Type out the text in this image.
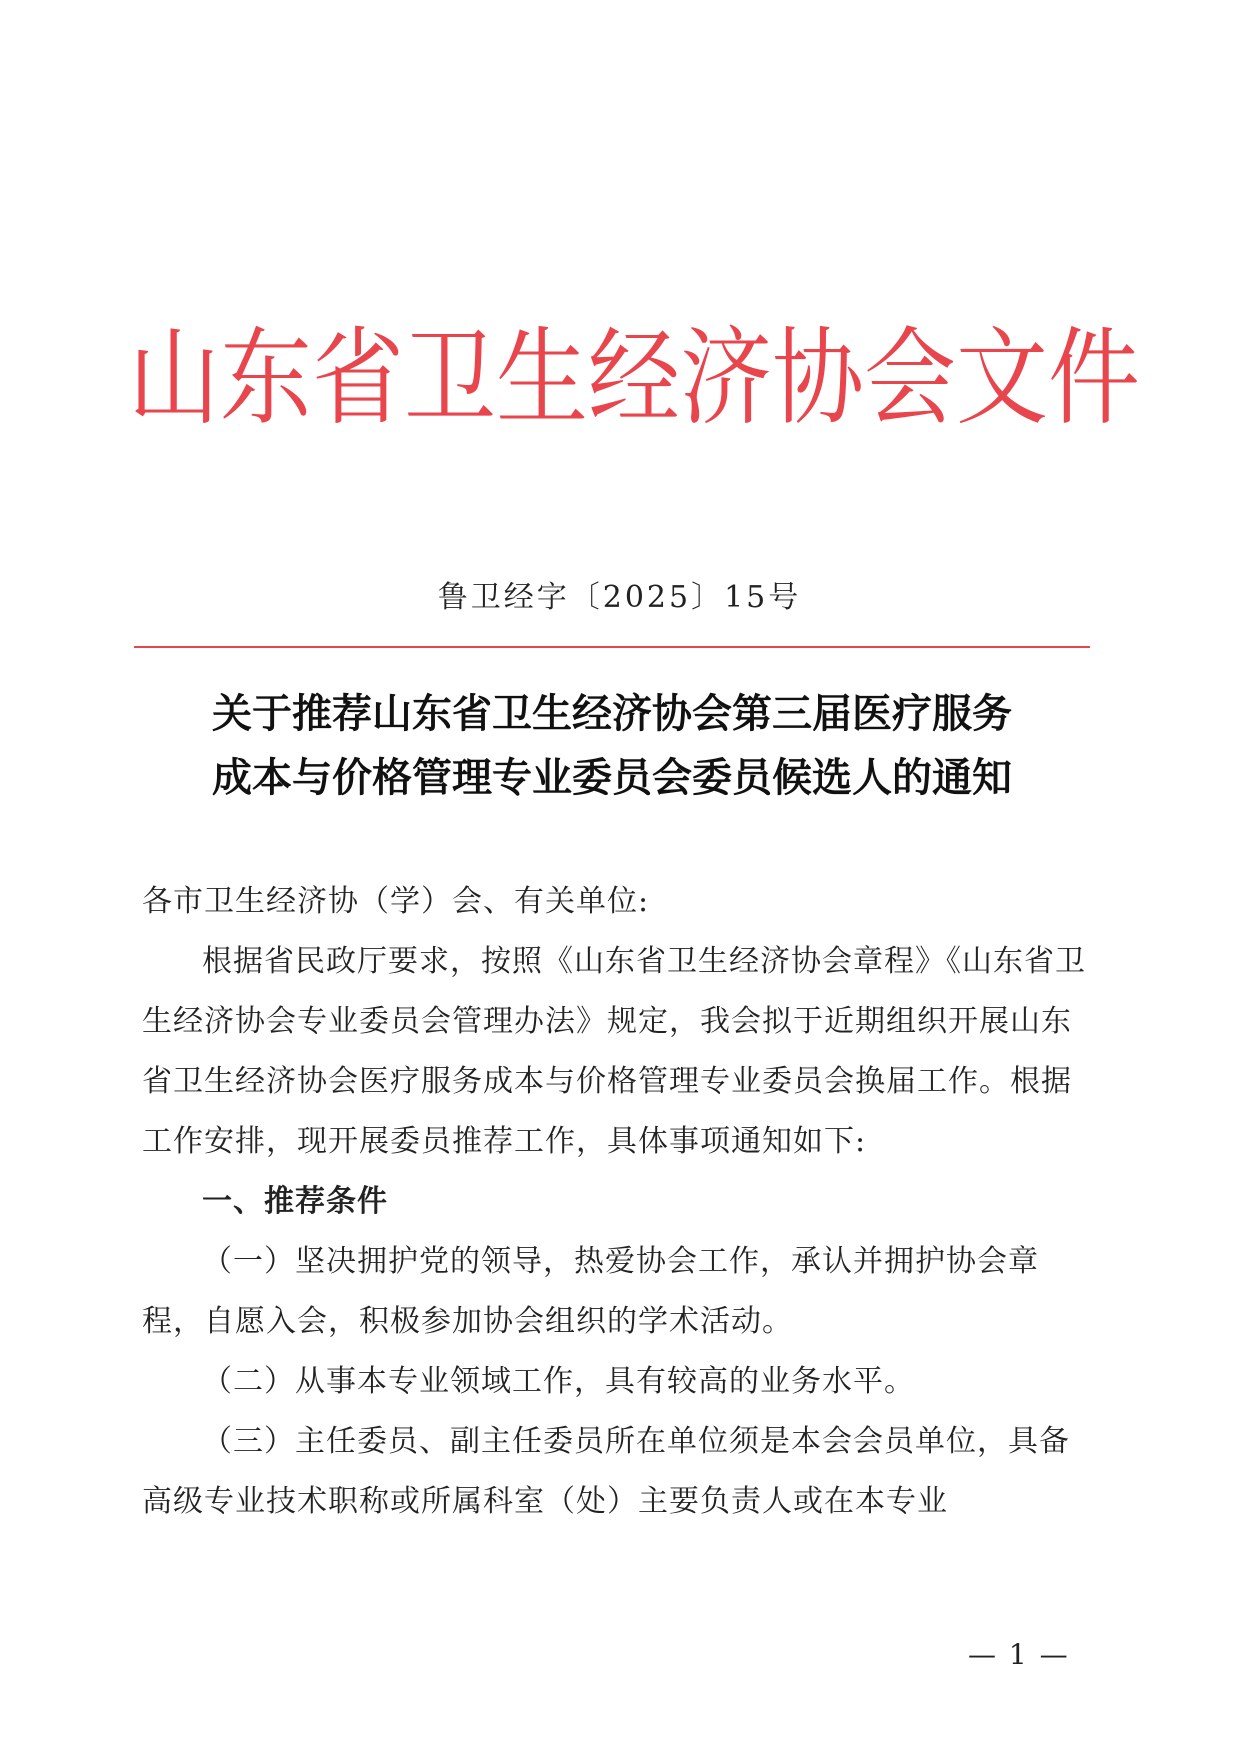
山东省卫生经济协会文件
鲁卫经字〔2025〕15号
关于推荐山东省卫生经济协会第三届医疗服务
成本与价格管理专业委员会委员候选人的通知

各市卫生经济协（学）会、有关单位:

根据省民政厅要求，按照《山东省卫生经济协会章程》《山东省卫生经济协会专业委员会管理办法》规定，我会拟于近期组织开展山东省卫生经济协会医疗服务成本与价格管理专业委员会换届工作。根据工作安排，现开展委员推荐工作，具体事项通知如下:

一、推荐条件

（一）坚决拥护党的领导，热爱协会工作，承认并拥护协会章程，自愿入会，积极参加协会组织的学术活动。

（二）从事本专业领域工作，具有较高的业务水平。

（三）主任委员、副主任委员所在单位须是本会会员单位，具备高级专业技术职称或所属科室（处）主要负责人或在本专业

— 1 —
